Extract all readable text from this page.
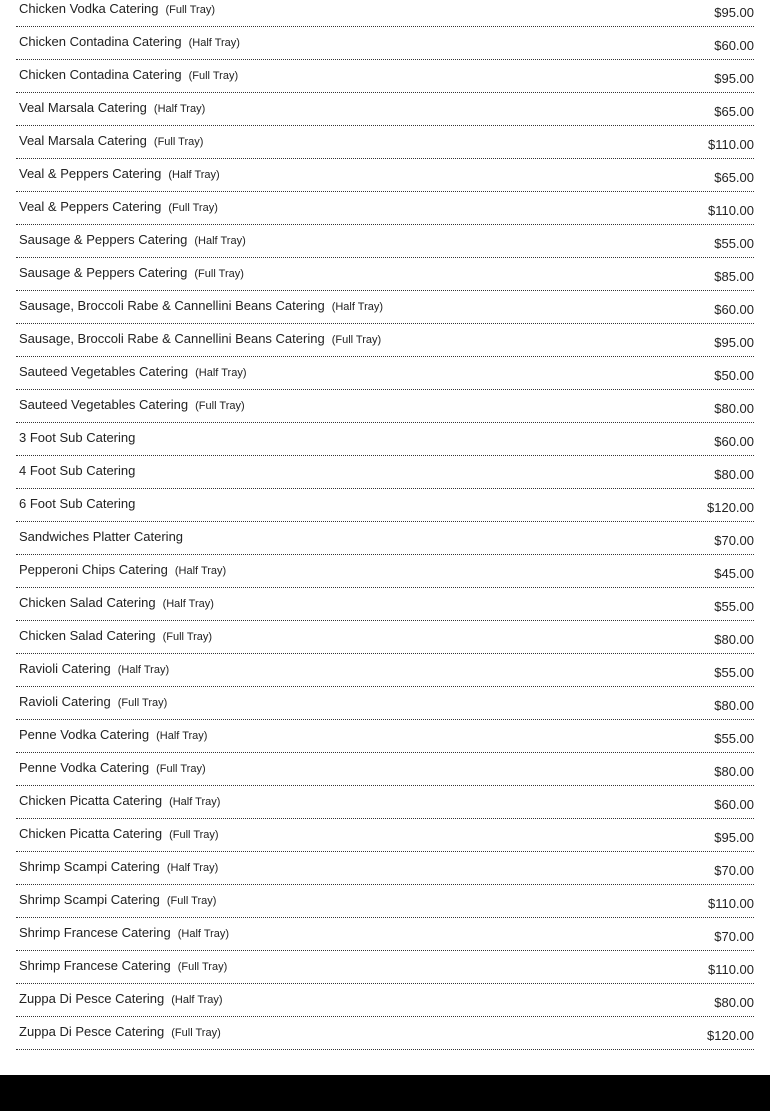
Chicken Vodka Catering (Full Tray)	$95.00
Chicken Contadina Catering (Half Tray)	$60.00
Chicken Contadina Catering (Full Tray)	$95.00
Veal Marsala Catering (Half Tray)	$65.00
Veal Marsala Catering (Full Tray)	$110.00
Veal & Peppers Catering (Half Tray)	$65.00
Veal & Peppers Catering (Full Tray)	$110.00
Sausage & Peppers Catering (Half Tray)	$55.00
Sausage & Peppers Catering (Full Tray)	$85.00
Sausage, Broccoli Rabe & Cannellini Beans Catering (Half Tray)	$60.00
Sausage, Broccoli Rabe & Cannellini Beans Catering (Full Tray)	$95.00
Sauteed Vegetables Catering (Half Tray)	$50.00
Sauteed Vegetables Catering (Full Tray)	$80.00
3 Foot Sub Catering	$60.00
4 Foot Sub Catering	$80.00
6 Foot Sub Catering	$120.00
Sandwiches Platter Catering	$70.00
Pepperoni Chips Catering (Half Tray)	$45.00
Chicken Salad Catering (Half Tray)	$55.00
Chicken Salad Catering (Full Tray)	$80.00
Ravioli Catering (Half Tray)	$55.00
Ravioli Catering (Full Tray)	$80.00
Penne Vodka Catering (Half Tray)	$55.00
Penne Vodka Catering (Full Tray)	$80.00
Chicken Picatta Catering (Half Tray)	$60.00
Chicken Picatta Catering (Full Tray)	$95.00
Shrimp Scampi Catering (Half Tray)	$70.00
Shrimp Scampi Catering (Full Tray)	$110.00
Shrimp Francese Catering (Half Tray)	$70.00
Shrimp Francese Catering (Full Tray)	$110.00
Zuppa Di Pesce Catering (Half Tray)	$80.00
Zuppa Di Pesce Catering (Full Tray)	$120.00
